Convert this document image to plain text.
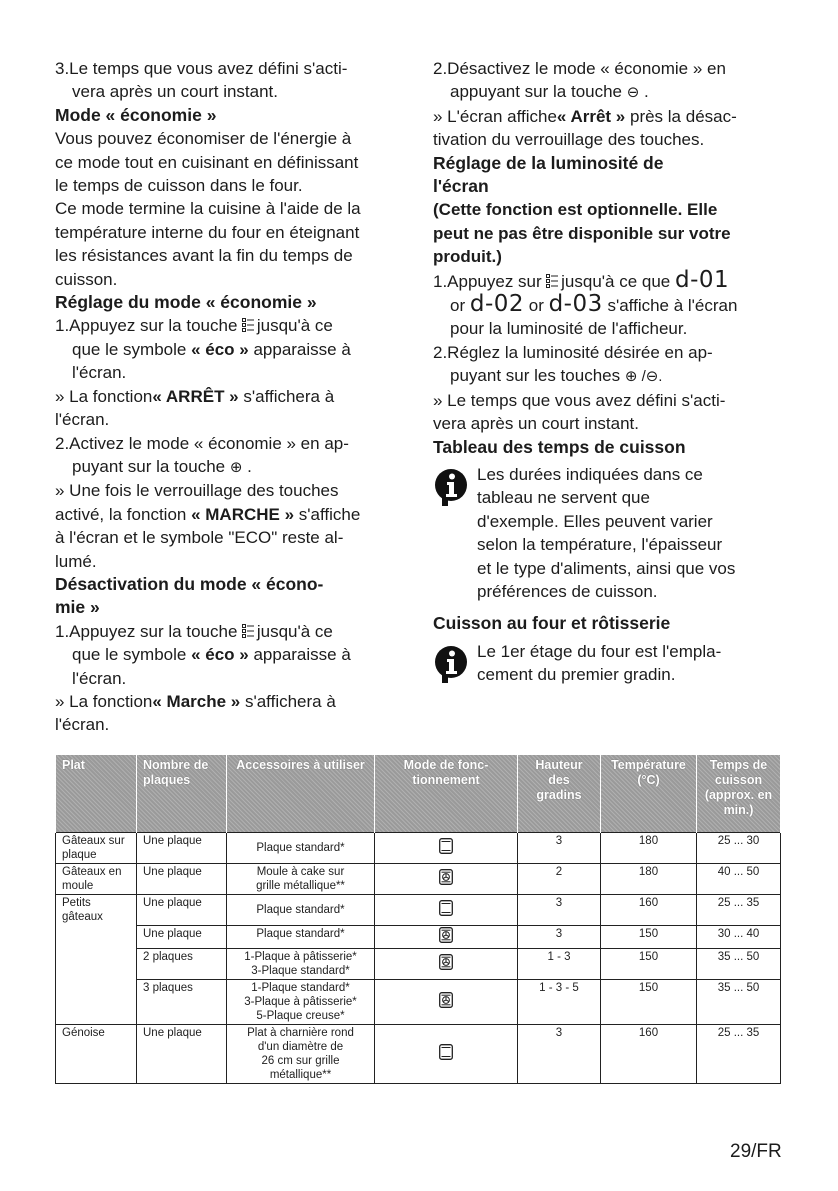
3.Le temps que vous avez défini s'acti-

vera après un court instant.

Mode « économie »

Vous pouvez économiser de l'énergie à

ce mode tout en cuisinant en définissant

le temps de cuisson dans le four.

Ce mode termine la cuisine à l'aide de la

température interne du four en éteignant

les résistances avant la fin du temps de

cuisson.

Réglage du mode « économie »

1.Appuyez sur la touche
jusqu'à ce

que le symbole « éco » apparaisse à

l'écran.

» La fonction« ARRÊT » s'affichera à

l'écran.

2.Activez le mode « économie » en ap-

puyant sur la touche ⊕ .

» Une fois le verrouillage des touches

activé, la fonction « MARCHE » s'affiche

à l'écran et le symbole "ECO" reste al-

lumé.

Désactivation du mode « écono-

mie »

1.Appuyez sur la touche
jusqu'à ce

que le symbole « éco » apparaisse à

l'écran.

» La fonction« Marche » s'affichera à

l'écran.

2.Désactivez le mode « économie » en

appuyant sur la touche ⊖ .

» L'écran affiche« Arrêt » près la désac-

tivation du verrouillage des touches.

Réglage de la luminosité de

l'écran

(Cette fonction est optionnelle. Elle

peut ne pas être disponible sur votre

produit.)

1.Appuyez sur
jusqu'à ce que d-01

or d-02 or d-03 s'affiche à l'écran

pour la luminosité de l'afficheur.

2.Réglez la luminosité désirée en ap-

puyant sur les touches ⊕ /⊖.

» Le temps que vous avez défini s'acti-

vera après un court instant.

Tableau des temps de cuisson

Les durées indiquées dans ce

tableau ne servent que

d'exemple. Elles peuvent varier

selon la température, l'épaisseur

et le type d'aliments, ainsi que vos

préférences de cuisson.

Cuisson au four et rôtisserie

Le 1er étage du four est l'empla-

cement du premier gradin.

Plat	Nombre de plaques	Accessoires à utiliser	Mode de fonc-tionnement	Hauteur des gradins	Température (°C)	Temps de cuisson (approx. en min.)
Gâteaux sur plaque	Une plaque	Plaque standard*		3	180	25 ... 30
Gâteaux en moule	Une plaque	Moule à cake sur
grille métallique**		2	180	40 ... 50
Petits gâteaux	Une plaque	Plaque standard*		3	160	25 ... 35
	Une plaque	Plaque standard*		3	150	30 ... 40
	2 plaques	1-Plaque à pâtisserie*
3-Plaque standard*		1 - 3	150	35 ... 50
	3 plaques	1-Plaque standard*
3-Plaque à pâtisserie*
5-Plaque creuse*		1 - 3 - 5	150	35 ... 50
Génoise	Une plaque	Plat à charnière rond
d'un diamètre de
26 cm sur grille
métallique**		3	160	25 ... 35
29/FR
